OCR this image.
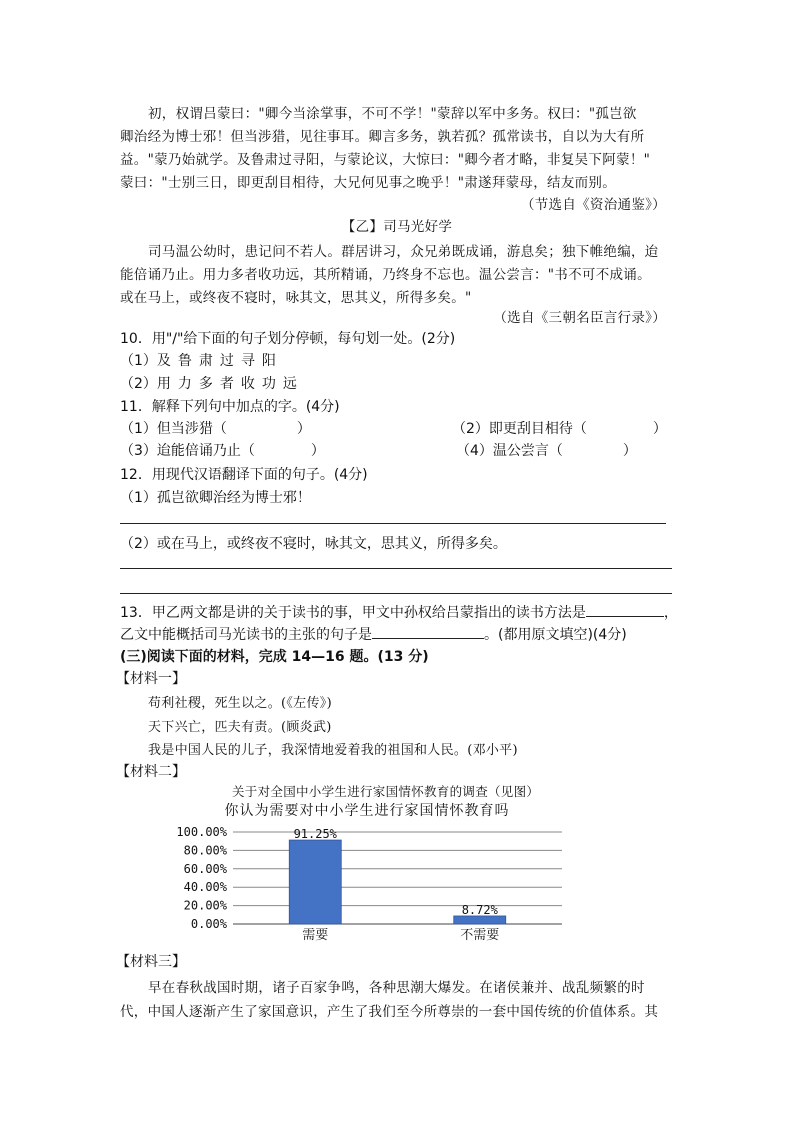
初，权谓吕蒙曰："卿今当涂掌事，不可不学！"蒙辞以军中多务。权曰："孤岂欲
卿治经为博士邪！但当涉猎，见往事耳。卿言多务，孰若孤？孤常读书，自以为大有所
益。"蒙乃始就学。及鲁肃过寻阳，与蒙论议，大惊曰："卿今者才略，非复吴下阿蒙！"
蒙曰："士别三日，即更刮目相待，大兄何见事之晚乎！"肃遂拜蒙母，结友而别。
（节选自《资治通鉴》）
【乙】司马光好学
司马温公幼时，患记问不若人。群居讲习，众兄弟既成诵，游息矣；独下帷绝编，迨
能倍诵乃止。用力多者收功远，其所精诵，乃终身不忘也。温公尝言："书不可不成诵。
或在马上，或终夜不寝时，咏其文，思其义，所得多矣。"
（选自《三朝名臣言行录》）
10．用"/"给下面的句子划分停顿，每句划一处。(2分)
（1）及鲁肃过寻阳
（2）用力多者收功远
11．解释下列句中加点的字。(4分)
（1）但当涉猎（	）	（2）即更刮目相待（	）
（3）迨能倍诵乃止（	）	（4）温公尝言（	）
12．用现代汉语翻译下面的句子。(4分)
（1）孤岂欲卿治经为博士邪！
（2）或在马上，或终夜不寝时，咏其文，思其义，所得多矣。
13．甲乙两文都是讲的关于读书的事，甲文中孙权给吕蒙指出的读书方法是	，
乙文中能概括司马光读书的主张的句子是	。(都用原文填空)(4分)
(三)阅读下面的材料，完成 14—16 题。(13 分)
【材料一】
苟利社稷，死生以之。(《左传》)
天下兴亡，匹夫有责。(顾炎武)
我是中国人民的儿子，我深情地爱着我的祖国和人民。(邓小平)
【材料二】
关于对全国中小学生进行家国情怀教育的调查（见图）
你认为需要对中小学生进行家国情怀教育吗
100.00%
80.00%
60.00%
40.00%
20.00%
0.00%
91.25%
8.72%
需要	不需要
【材料三】
早在春秋战国时期，诸子百家争鸣，各种思潮大爆发。在诸侯兼并、战乱频繁的时
代，中国人逐渐产生了家国意识，产生了我们至今所尊崇的一套中国传统的价值体系。其
